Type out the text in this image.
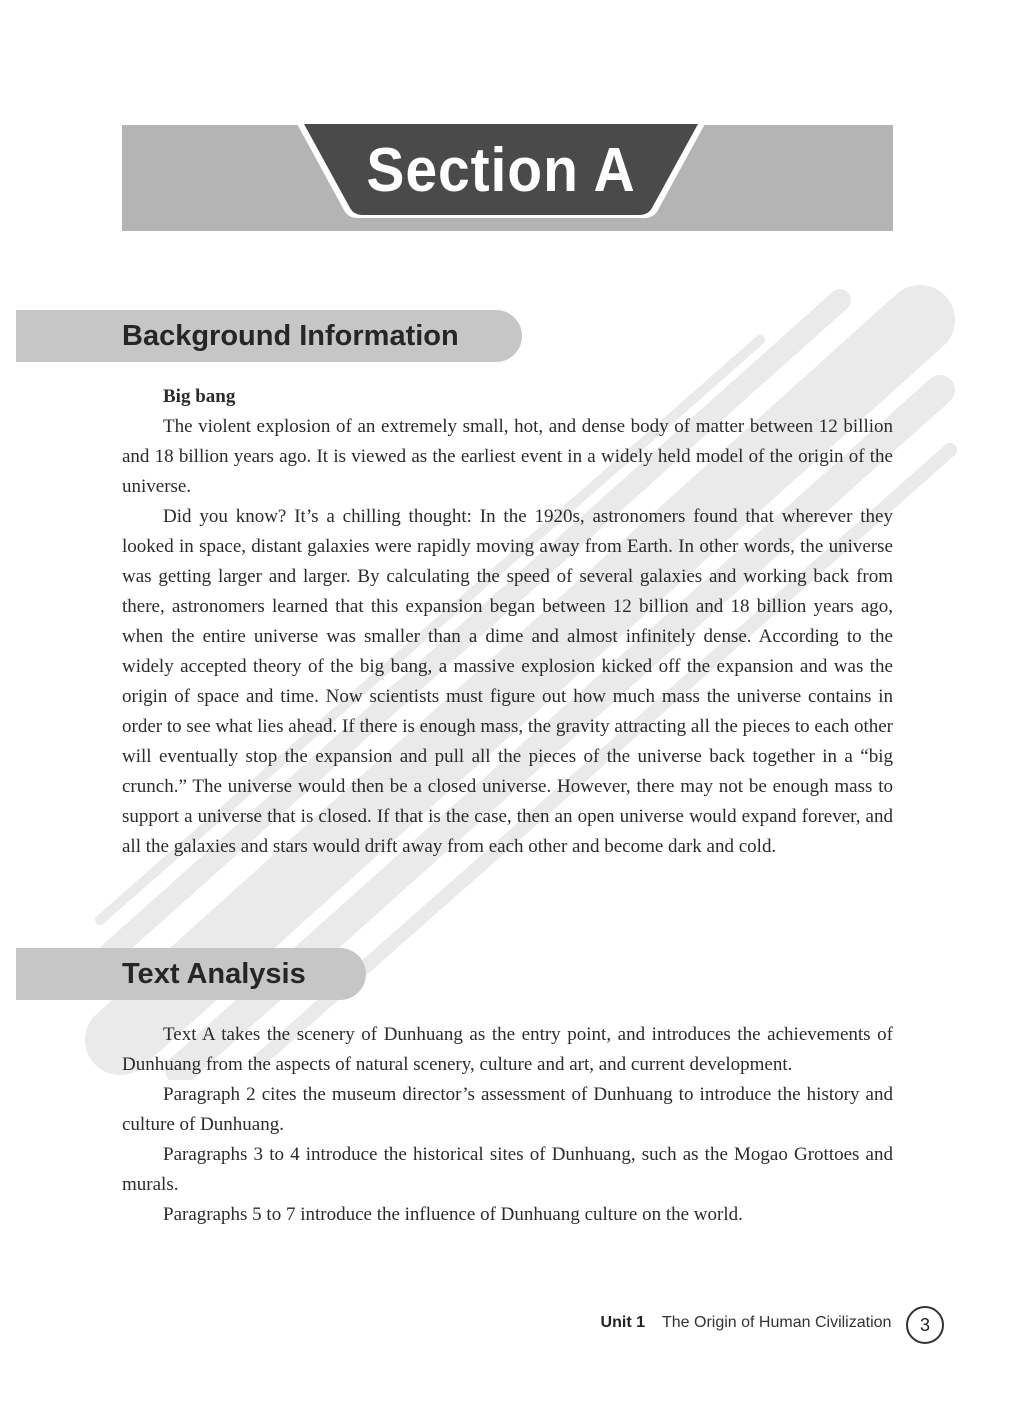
Section A
Background Information

Big bang

The violent explosion of an extremely small, hot, and dense body of matter between 12 billion and 18 billion years ago. It is viewed as the earliest event in a widely held model of the origin of the universe.

Did you know? It’s a chilling thought: In the 1920s, astronomers found that wherever they looked in space, distant galaxies were rapidly moving away from Earth. In other words, the universe was getting larger and larger. By calculating the speed of several galaxies and working back from there, astronomers learned that this expansion began between 12 billion and 18 billion years ago, when the entire universe was smaller than a dime and almost infinitely dense. According to the widely accepted theory of the big bang, a massive explosion kicked off the expansion and was the origin of space and time. Now scientists must figure out how much mass the universe contains in order to see what lies ahead. If there is enough mass, the gravity attracting all the pieces to each other will eventually stop the expansion and pull all the pieces of the universe back together in a “big crunch.” The universe would then be a closed universe. However, there may not be enough mass to support a universe that is closed. If that is the case, then an open universe would expand forever, and all the galaxies and stars would drift away from each other and become dark and cold.

Text Analysis

Text A takes the scenery of Dunhuang as the entry point, and introduces the achievements of Dunhuang from the aspects of natural scenery, culture and art, and current development.

Paragraph 2 cites the museum director’s assessment of Dunhuang to introduce the history and culture of Dunhuang.

Paragraphs 3 to 4 introduce the historical sites of Dunhuang, such as the Mogao Grottoes and murals.

Paragraphs 5 to 7 introduce the influence of Dunhuang culture on the world.

Unit 1 The Origin of Human Civilization	3
